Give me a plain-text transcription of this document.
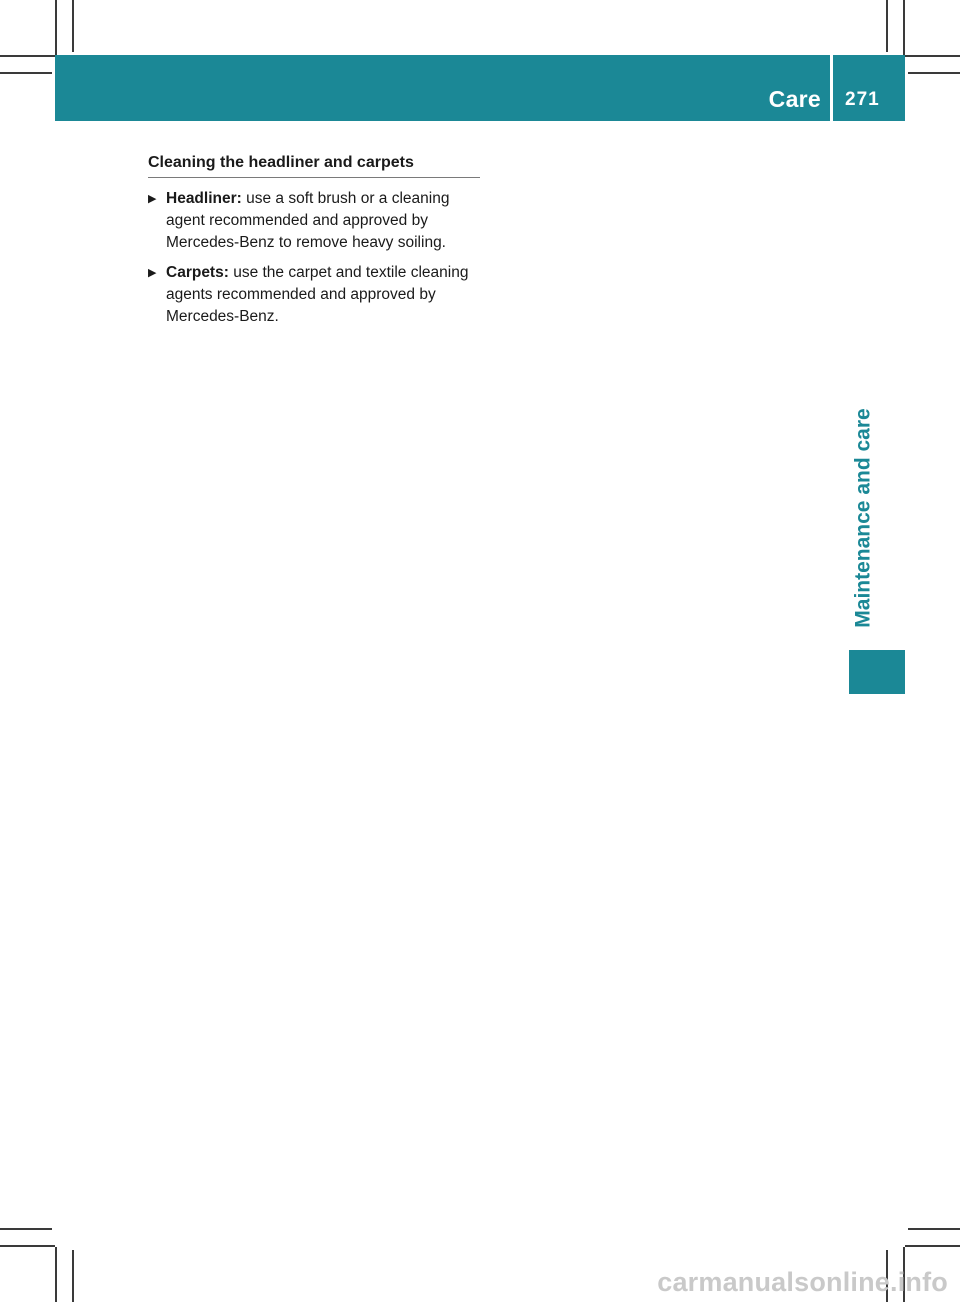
Care 271
Maintenance and care
Cleaning the headliner and carpets
▶ Headliner: use a soft brush or a cleaning agent recommended and approved by Mercedes-Benz to remove heavy soiling.
▶ Carpets: use the carpet and textile cleaning agents recommended and approved by Mercedes-Benz.
carmanualsonline.info
